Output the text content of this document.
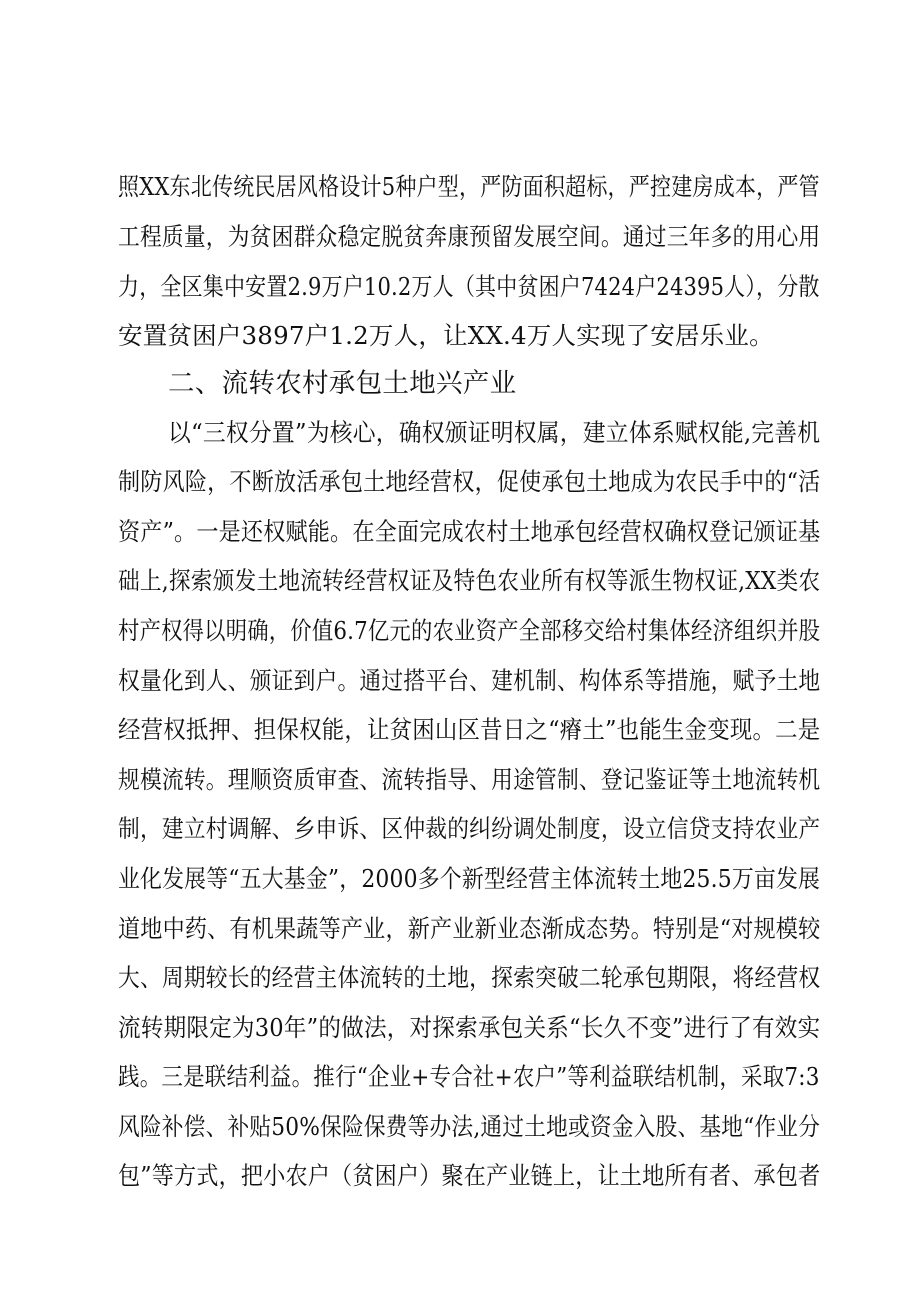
照XX东北传统民居风格设计5种户型，严防面积超标，严控建房成本，严管
工程质量，为贫困群众稳定脱贫奔康预留发展空间。通过三年多的用心用
力，全区集中安置2.9万户10.2万人（其中贫困户7424户24395人），分散
安置贫困户3897户1.2万人，让XX.4万人实现了安居乐业。
二、流转农村承包土地兴产业
以“三权分置”为核心，确权颁证明权属，建立体系赋权能,完善机
制防风险，不断放活承包土地经营权，促使承包土地成为农民手中的“活
资产”。一是还权赋能。在全面完成农村土地承包经营权确权登记颁证基
础上,探索颁发土地流转经营权证及特色农业所有权等派生物权证,XX类农
村产权得以明确，价值6.7亿元的农业资产全部移交给村集体经济组织并股
权量化到人、颁证到户。通过搭平台、建机制、构体系等措施，赋予土地
经营权抵押、担保权能，让贫困山区昔日之“瘠土”也能生金变现。二是
规模流转。理顺资质审查、流转指导、用途管制、登记鉴证等土地流转机
制，建立村调解、乡申诉、区仲裁的纠纷调处制度，设立信贷支持农业产
业化发展等“五大基金”，2000多个新型经营主体流转土地25.5万亩发展
道地中药、有机果蔬等产业，新产业新业态渐成态势。特别是“对规模较
大、周期较长的经营主体流转的土地，探索突破二轮承包期限，将经营权
流转期限定为30年”的做法，对探索承包关系“长久不变”进行了有效实
践。三是联结利益。推行“企业+专合社+农户”等利益联结机制，采取7:3
风险补偿、补贴50%保险保费等办法,通过土地或资金入股、基地“作业分
包”等方式，把小农户（贫困户）聚在产业链上，让土地所有者、承包者
